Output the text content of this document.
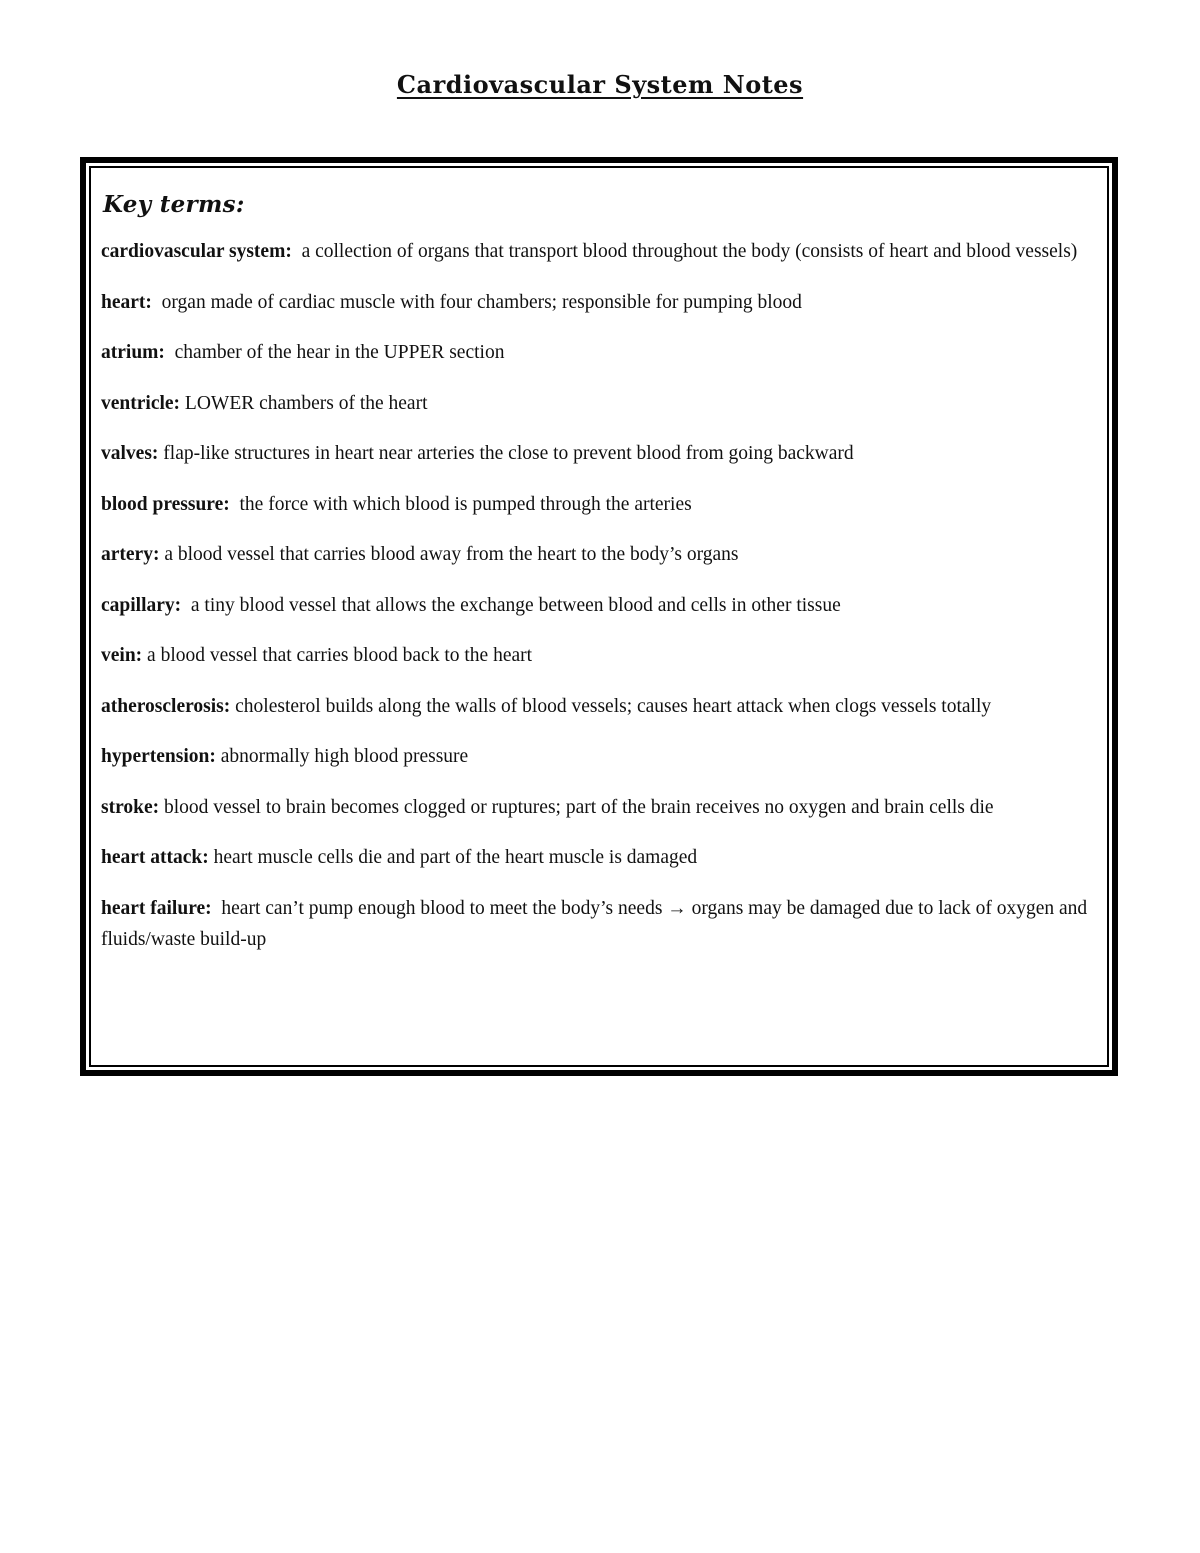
Cardiovascular System Notes
Key terms:
cardiovascular system: a collection of organs that transport blood throughout the body (consists of heart and blood vessels)
heart: organ made of cardiac muscle with four chambers; responsible for pumping blood
atrium: chamber of the hear in the UPPER section
ventricle: LOWER chambers of the heart
valves: flap-like structures in heart near arteries the close to prevent blood from going backward
blood pressure: the force with which blood is pumped through the arteries
artery: a blood vessel that carries blood away from the heart to the body’s organs
capillary: a tiny blood vessel that allows the exchange between blood and cells in other tissue
vein: a blood vessel that carries blood back to the heart
atherosclerosis: cholesterol builds along the walls of blood vessels; causes heart attack when clogs vessels totally
hypertension: abnormally high blood pressure
stroke: blood vessel to brain becomes clogged or ruptures; part of the brain receives no oxygen and brain cells die
heart attack: heart muscle cells die and part of the heart muscle is damaged
heart failure: heart can’t pump enough blood to meet the body’s needs → organs may be damaged due to lack of oxygen and fluids/waste build-up
